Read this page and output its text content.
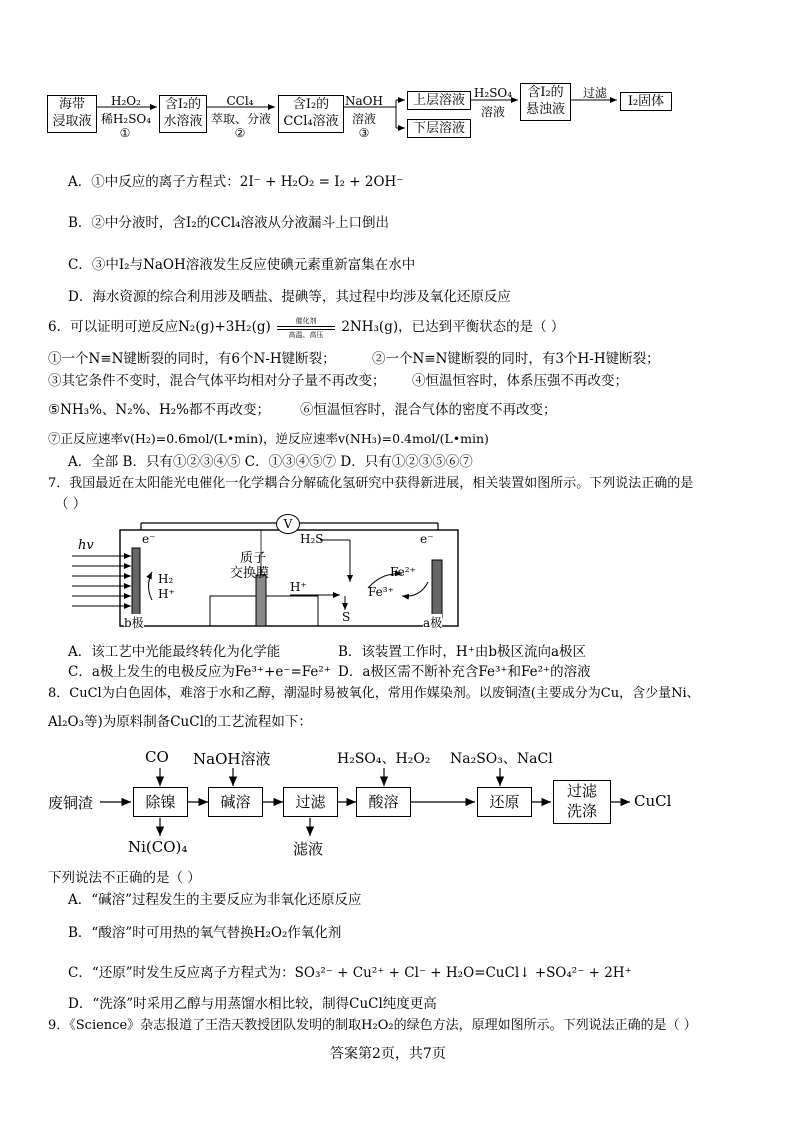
海带
浸取液
H₂O₂
稀H₂SO₄
①
含I₂的
水溶液
CCl₄
萃取、分液
②
含I₂的
CCl₄溶液
NaOH
溶液
③
上层溶液
下层溶液
H₂SO₄
溶液
含I₂的
悬浊液
过滤
I₂固体
A．①中反应的离子方程式：2I⁻ + H₂O₂ = I₂ + 2OH⁻
B．②中分液时，含I₂的CCl₄溶液从分液漏斗上口倒出
C．③中I₂与NaOH溶液发生反应使碘元素重新富集在水中
D．海水资源的综合利用涉及晒盐、提碘等，其过程中均涉及氧化还原反应
6．可以证明可逆反应N₂(g)+3H₂(g)	催化剂
高温、高压	2NH₃(g)，已达到平衡状态的是（ ）
①一个N≡N键断裂的同时，有6个N-H键断裂；	②一个N≡N键断裂的同时，有3个H-H键断裂；
③其它条件不变时，混合气体平均相对分子量不再改变； ④恒温恒容时，体系压强不再改变；
⑤NH₃%、N₂%、H₂%都不再改变； ⑥恒温恒容时，混合气体的密度不再改变；
⑦正反应速率v(H₂)=0.6mol/(L•min)，逆反应速率v(NH₃)=0.4mol/(L•min)
A．全部 B．只有①②③④⑤ C．①③④⑤⑦ D．只有①②③⑤⑥⑦
7．我国最近在太阳能光电催化一化学耦合分解硫化氢研究中获得新进展，相关装置如图所示。下列说法正确的是
（ ）
V
hv	e⁻
H₂
H⁺
b极
质子
交换膜
H⁺
H₂S
S
Fe²⁺
Fe³⁺
e⁻
a极
A．该工艺中光能最终转化为化学能	B．该装置工作时，H⁺由b极区流向a极区
C．a极上发生的电极反应为Fe³⁺+e⁻=Fe²⁺ D．a极区需不断补充含Fe³⁺和Fe²⁺的溶液
8．CuCl为白色固体，难溶于水和乙醇，潮湿时易被氧化，常用作媒染剂。以废铜渣(主要成分为Cu，含少量Ni、
Al₂O₃等)为原料制备CuCl的工艺流程如下：
CO NaOH溶液	H₂SO₄、H₂O₂ Na₂SO₃、NaCl
废铜渣	除镍	碱溶	过滤	酸溶	还原
过滤
洗涤
CuCl
Ni(CO)₄	滤液
下列说法不正确的是（ ）
A．“碱溶”过程发生的主要反应为非氧化还原反应
B．“酸溶”时可用热的氧气替换H₂O₂作氧化剂
C．“还原”时发生反应离子方程式为：SO₃²⁻ + Cu²⁺ + Cl⁻ + H₂O=CuCl↓ +SO₄²⁻ + 2H⁺
D．“洗涤”时采用乙醇与用蒸馏水相比较，制得CuCl纯度更高
9．《Science》杂志报道了王浩天教授团队发明的制取H₂O₂的绿色方法，原理如图所示。下列说法正确的是（ ）
答案第2页，共7页
